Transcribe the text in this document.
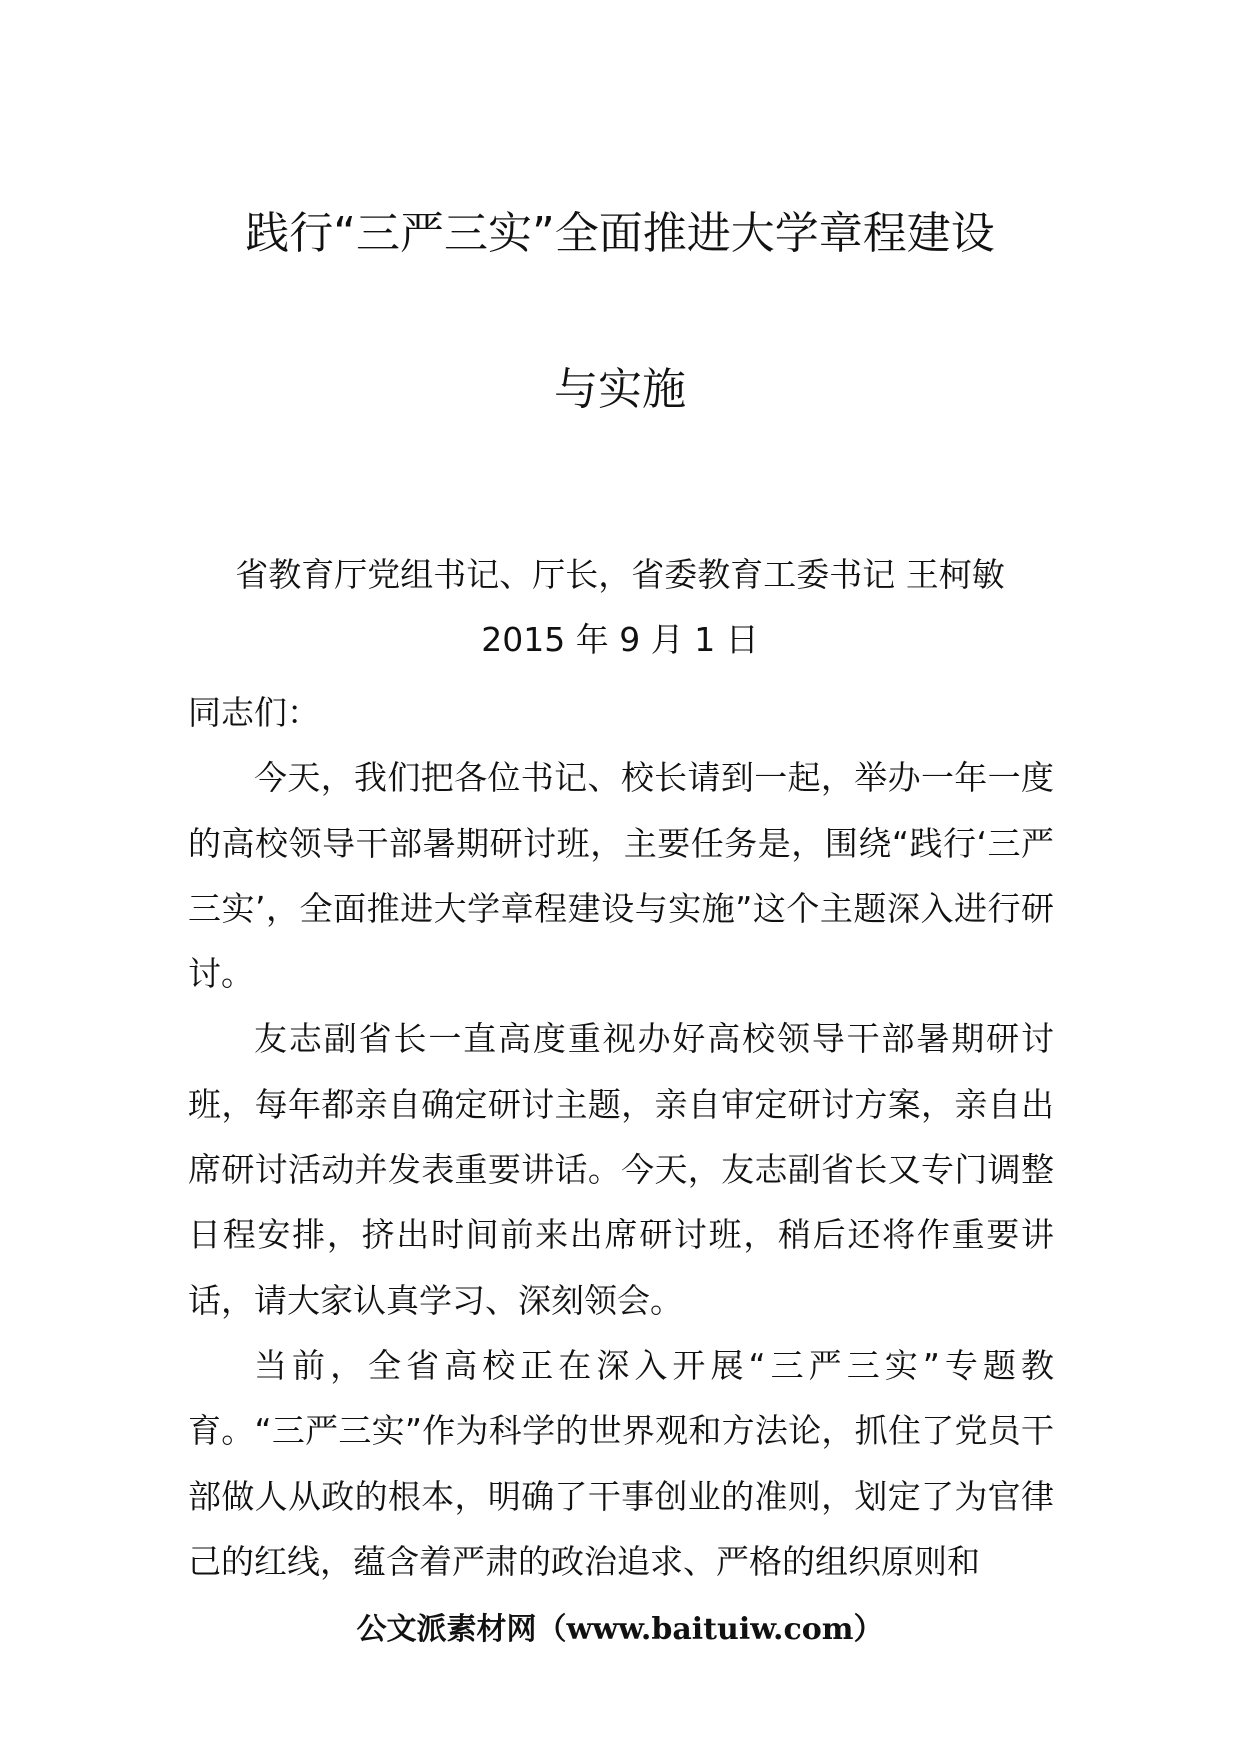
践行“三严三实”全面推进大学章程建设
与实施
省教育厅党组书记、厅长，省委教育工委书记 王柯敏
2015 年 9 月 1 日

同志们：

今天，我们把各位书记、校长请到一起，举办一年一度的高校领导干部暑期研讨班，主要任务是，围绕“践行‘三严三实’，全面推进大学章程建设与实施”这个主题深入进行研讨。

友志副省长一直高度重视办好高校领导干部暑期研讨班，每年都亲自确定研讨主题，亲自审定研讨方案，亲自出席研讨活动并发表重要讲话。今天，友志副省长又专门调整日程安排，挤出时间前来出席研讨班，稍后还将作重要讲话，请大家认真学习、深刻领会。

当前，全省高校正在深入开展“三严三实”专题教育。“三严三实”作为科学的世界观和方法论，抓住了党员干部做人从政的根本，明确了干事创业的准则，划定了为官律己的红线，蕴含着严肃的政治追求、严格的组织原则和

公文派素材网（www.baituiw.com）
